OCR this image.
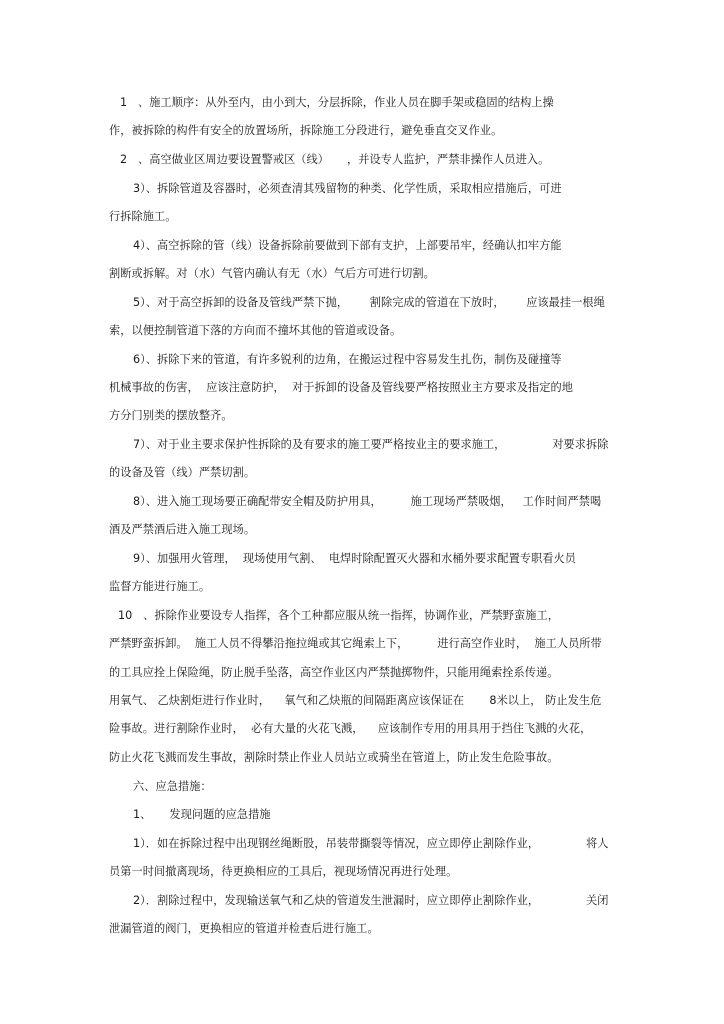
1   、施工顺序：从外至内，由小到大，分层拆除，作业人员在脚手架或稳固的结构上操
作，被拆除的构件有安全的放置场所，拆除施工分段进行，避免垂直交叉作业。
2   、高空做业区周边要设置警戒区（线）     ，并设专人监护，严禁非操作人员进入。
3）、拆除管道及容器时，必须查清其残留物的种类、化学性质，采取相应措施后，可进
行拆除施工。
4）、高空拆除的管（线）设备拆除前要做到下部有支护，上部要吊牢，经确认扣牢方能
割断或拆解。对（水）气管内确认有无（水）气后方可进行切割。
5）、对于高空拆卸的设备及管线严禁下抛，      割除完成的管道在下放时，      应该最挂一根绳
索，以便控制管道下落的方向而不撞坏其他的管道或设备。
6）、拆除下来的管道，有许多锐利的边角，在搬运过程中容易发生扎伤，制伤及碰撞等
机械事故的伤害，  应该注意防护，  对于拆卸的设备及管线要严格按照业主方要求及指定的地
方分门别类的摆放整齐。
7）、对于业主要求保护性拆除的及有要求的施工要严格按业主的要求施工，             对要求拆除
的设备及管（线）严禁切割。
8）、进入施工现场要正确配带安全帽及防护用具，        施工现场严禁吸烟，   工作时间严禁喝
酒及严禁酒后进入施工现场。
9）、加强用火管理，  现场使用气割、  电焊时除配置灭火器和水桶外要求配置专职看火员
监督方能进行施工。
10   、拆除作业要设专人指挥，各个工种都应服从统一指挥，协调作业，严禁野蛮施工，
严禁野蛮拆卸。  施工人员不得攀沿拖拉绳或其它绳索上下，        进行高空作业时，  施工人员所带
的工具应拴上保险绳，防止脱手坠落，高空作业区内严禁抛掷物件，只能用绳索拴系传递。
用氧气、 乙炔割炬进行作业时，    氧气和乙炔瓶的间隔距离应该保证在       8米以上， 防止发生危
险事故。进行割除作业时，  必有大量的火花飞溅，    应该制作专用的用具用于挡住飞溅的火花，
防止火花飞溅而发生事故，割除时禁止作业人员站立或骑坐在管道上，防止发生危险事故。
六、应急措施：
1、     发现问题的应急措施
1）．如在拆除过程中出现钢丝绳断股，吊装带撕裂等情况，应立即停止割除作业，             将人
员第一时间撤离现场，待更换相应的工具后，视现场情况再进行处理。
2）．割除过程中，发现输送氧气和乙炔的管道发生泄漏时，应立即停止割除作业，             关闭
泄漏管道的阀门，更换相应的管道并检查后进行施工。
